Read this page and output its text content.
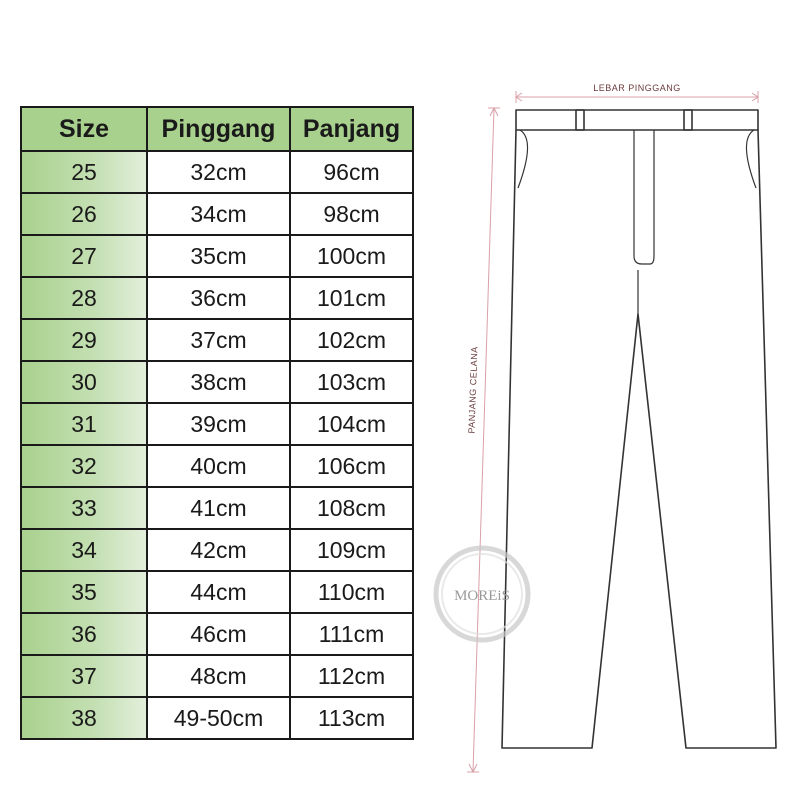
Size	Pinggang	Panjang
25	32cm	96cm
26	34cm	98cm
27	35cm	100cm
28	36cm	101cm
29	37cm	102cm
30	38cm	103cm
31	39cm	104cm
32	40cm	106cm
33	41cm	108cm
34	42cm	109cm
35	44cm	110cm
36	46cm	111cm
37	48cm	112cm
38	49-50cm	113cm
LEBAR PINGGANG
PANJANG CELANA
MOREiS
